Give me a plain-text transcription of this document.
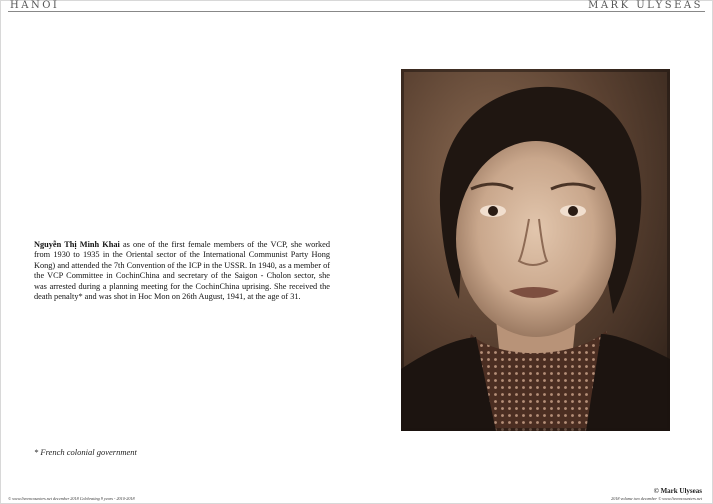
HANOI	MARK ULYSEAS
Nguyễn Thị Minh Khai as one of the first female members of the VCP, she worked from 1930 to 1935 in the Oriental sector of the International Communist Party Hong Kong) and attended the 7th Convention of the ICP in the USSR. In 1940, as a member of the VCP Committee in CochinChina and secretary of the Saigon - Cholon sector, she was arrested during a planning meeting for the CochinChina uprising. She received the death penalty* and was shot in Hoc Mon on 26th August, 1941, at the age of 31.
* French colonial government
© www.liveencounters.net december 2018 Celebrating 9 years - 2010-2018
© Mark Ulyseas
2018 volume two december © www.liveencounters.net
